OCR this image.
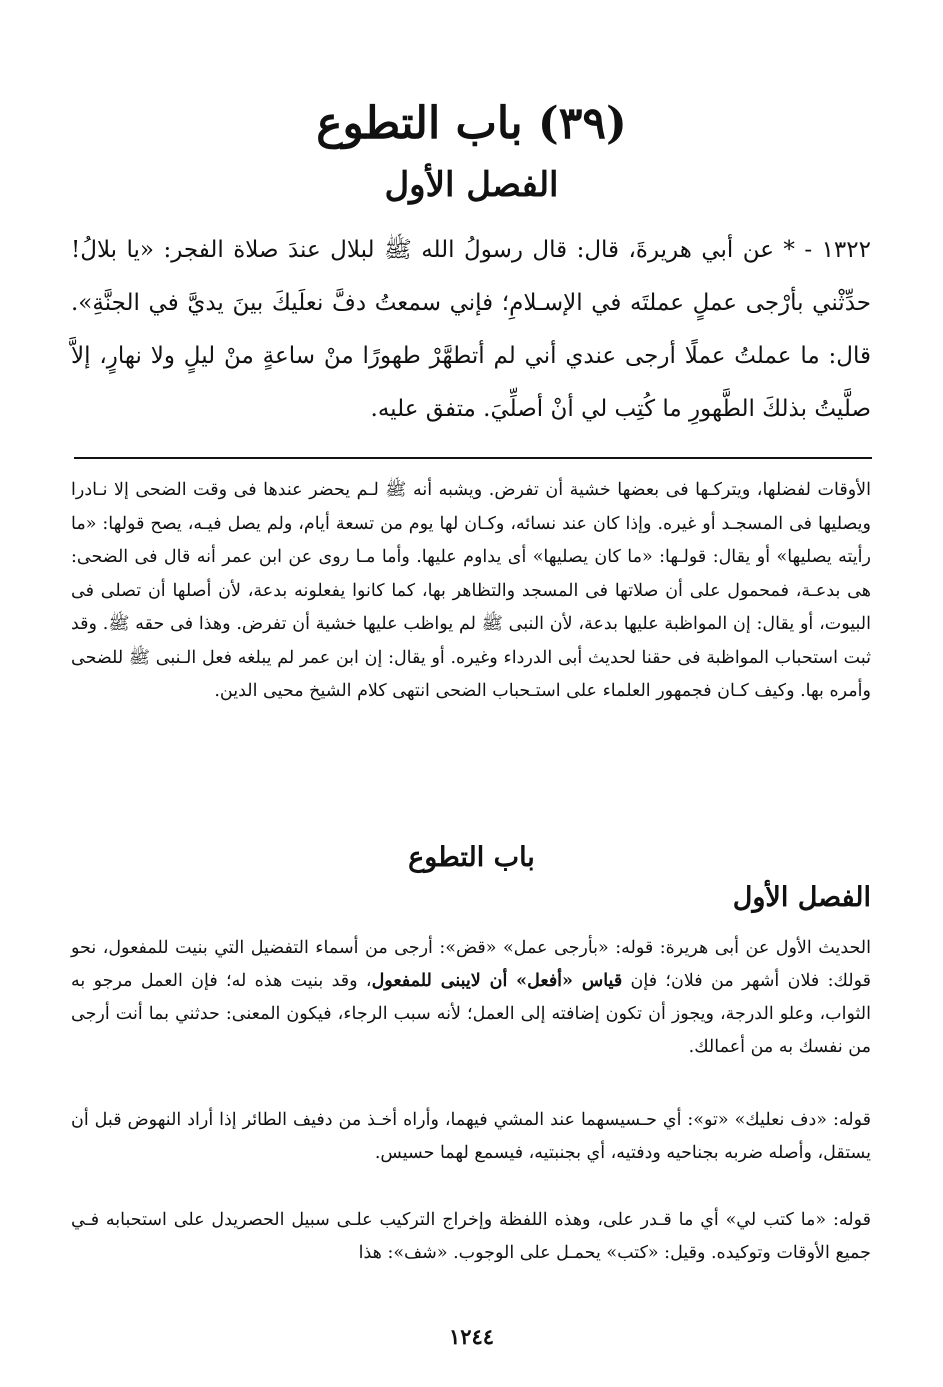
(٣٩) باب التطوع
الفصل الأول

١٣٢٢ - * عن أبي هريرةَ، قال: قال رسولُ الله ﷺ لبلال عندَ صلاة الفجر: «يا بلالُ! حدِّثْني بأرْجى عملٍ عملتَه في الإسـلامِ؛ فإني سمعتُ دفَّ نعلَيكَ بينَ يديَّ في الجنَّةِ». قال: ما عملتُ عملًا أرجى عندي أني لم أتطهَّرْ طهورًا منْ ساعةٍ منْ ليلٍ ولا نهارٍ، إلاَّ صلَّيتُ بذلكَ الطَّهورِ ما كُتِب لي أنْ أصلِّيَ. متفق عليه.

الأوقات لفضلها، ويتركـها فى بعضها خشية أن تفرض. ويشبه أنه ﷺ لـم يحضر عندها فى وقت الضحى إلا نـادرا ويصليها فى المسجـد أو غيره. وإذا كان عند نسائه، وكـان لها يوم من تسعة أيام، ولم يصل فيـه، يصح قولها: «ما رأيته يصليها» أو يقال: قولـها: «ما كان يصليها» أى يداوم عليها. وأما مـا روى عن ابن عمر أنه قال فى الضحى: هى بدعـة، فمحمول على أن صلاتها فى المسجد والتظاهر بها، كما كانوا يفعلونه بدعة، لأن أصلها أن تصلى فى البيوت، أو يقال: إن المواظبة عليها بدعة، لأن النبى ﷺ لم يواظب عليها خشية أن تفرض. وهذا فى حقه ﷺ. وقد ثبت استحباب المواظبة فى حقنا لحديث أبى الدرداء وغيره. أو يقال: إن ابن عمر لم يبلغه فعل الـنبى ﷺ للضحى وأمره بها. وكيف كـان فجمهور العلماء على استـحباب الضحى انتهى كلام الشيخ محيى الدين.

باب التطوع
الفصل الأول

الحديث الأول عن أبى هريرة: قوله: «بأرجى عمل» «قض»: أرجى من أسماء التفضيل التي بنيت للمفعول، نحو قولك: فلان أشهر من فلان؛ فإن قياس «أفعل» أن لايبنى للمفعول، وقد بنيت هذه له؛ فإن العمل مرجو به الثواب، وعلو الدرجة، ويجوز أن تكون إضافته إلى العمل؛ لأنه سبب الرجاء، فيكون المعنى: حدثني بما أنت أرجى من نفسك به من أعمالك.

قوله: «دف نعليك» «تو»: أي حـسيسهما عند المشي فيهما، وأراه أخـذ من دفيف الطائر إذا أراد النهوض قبل أن يستقل، وأصله ضربه بجناحيه ودفتيه، أي بجنبتيه، فيسمع لهما حسيس.

قوله: «ما كتب لي» أي ما قـدر على، وهذه اللفظة وإخراج التركيب علـى سبيل الحصريدل على استحبابه فـي جميع الأوقات وتوكيده. وقيل: «كتب» يحمـل على الوجوب. «شف»: هذا

١٢٤٤
